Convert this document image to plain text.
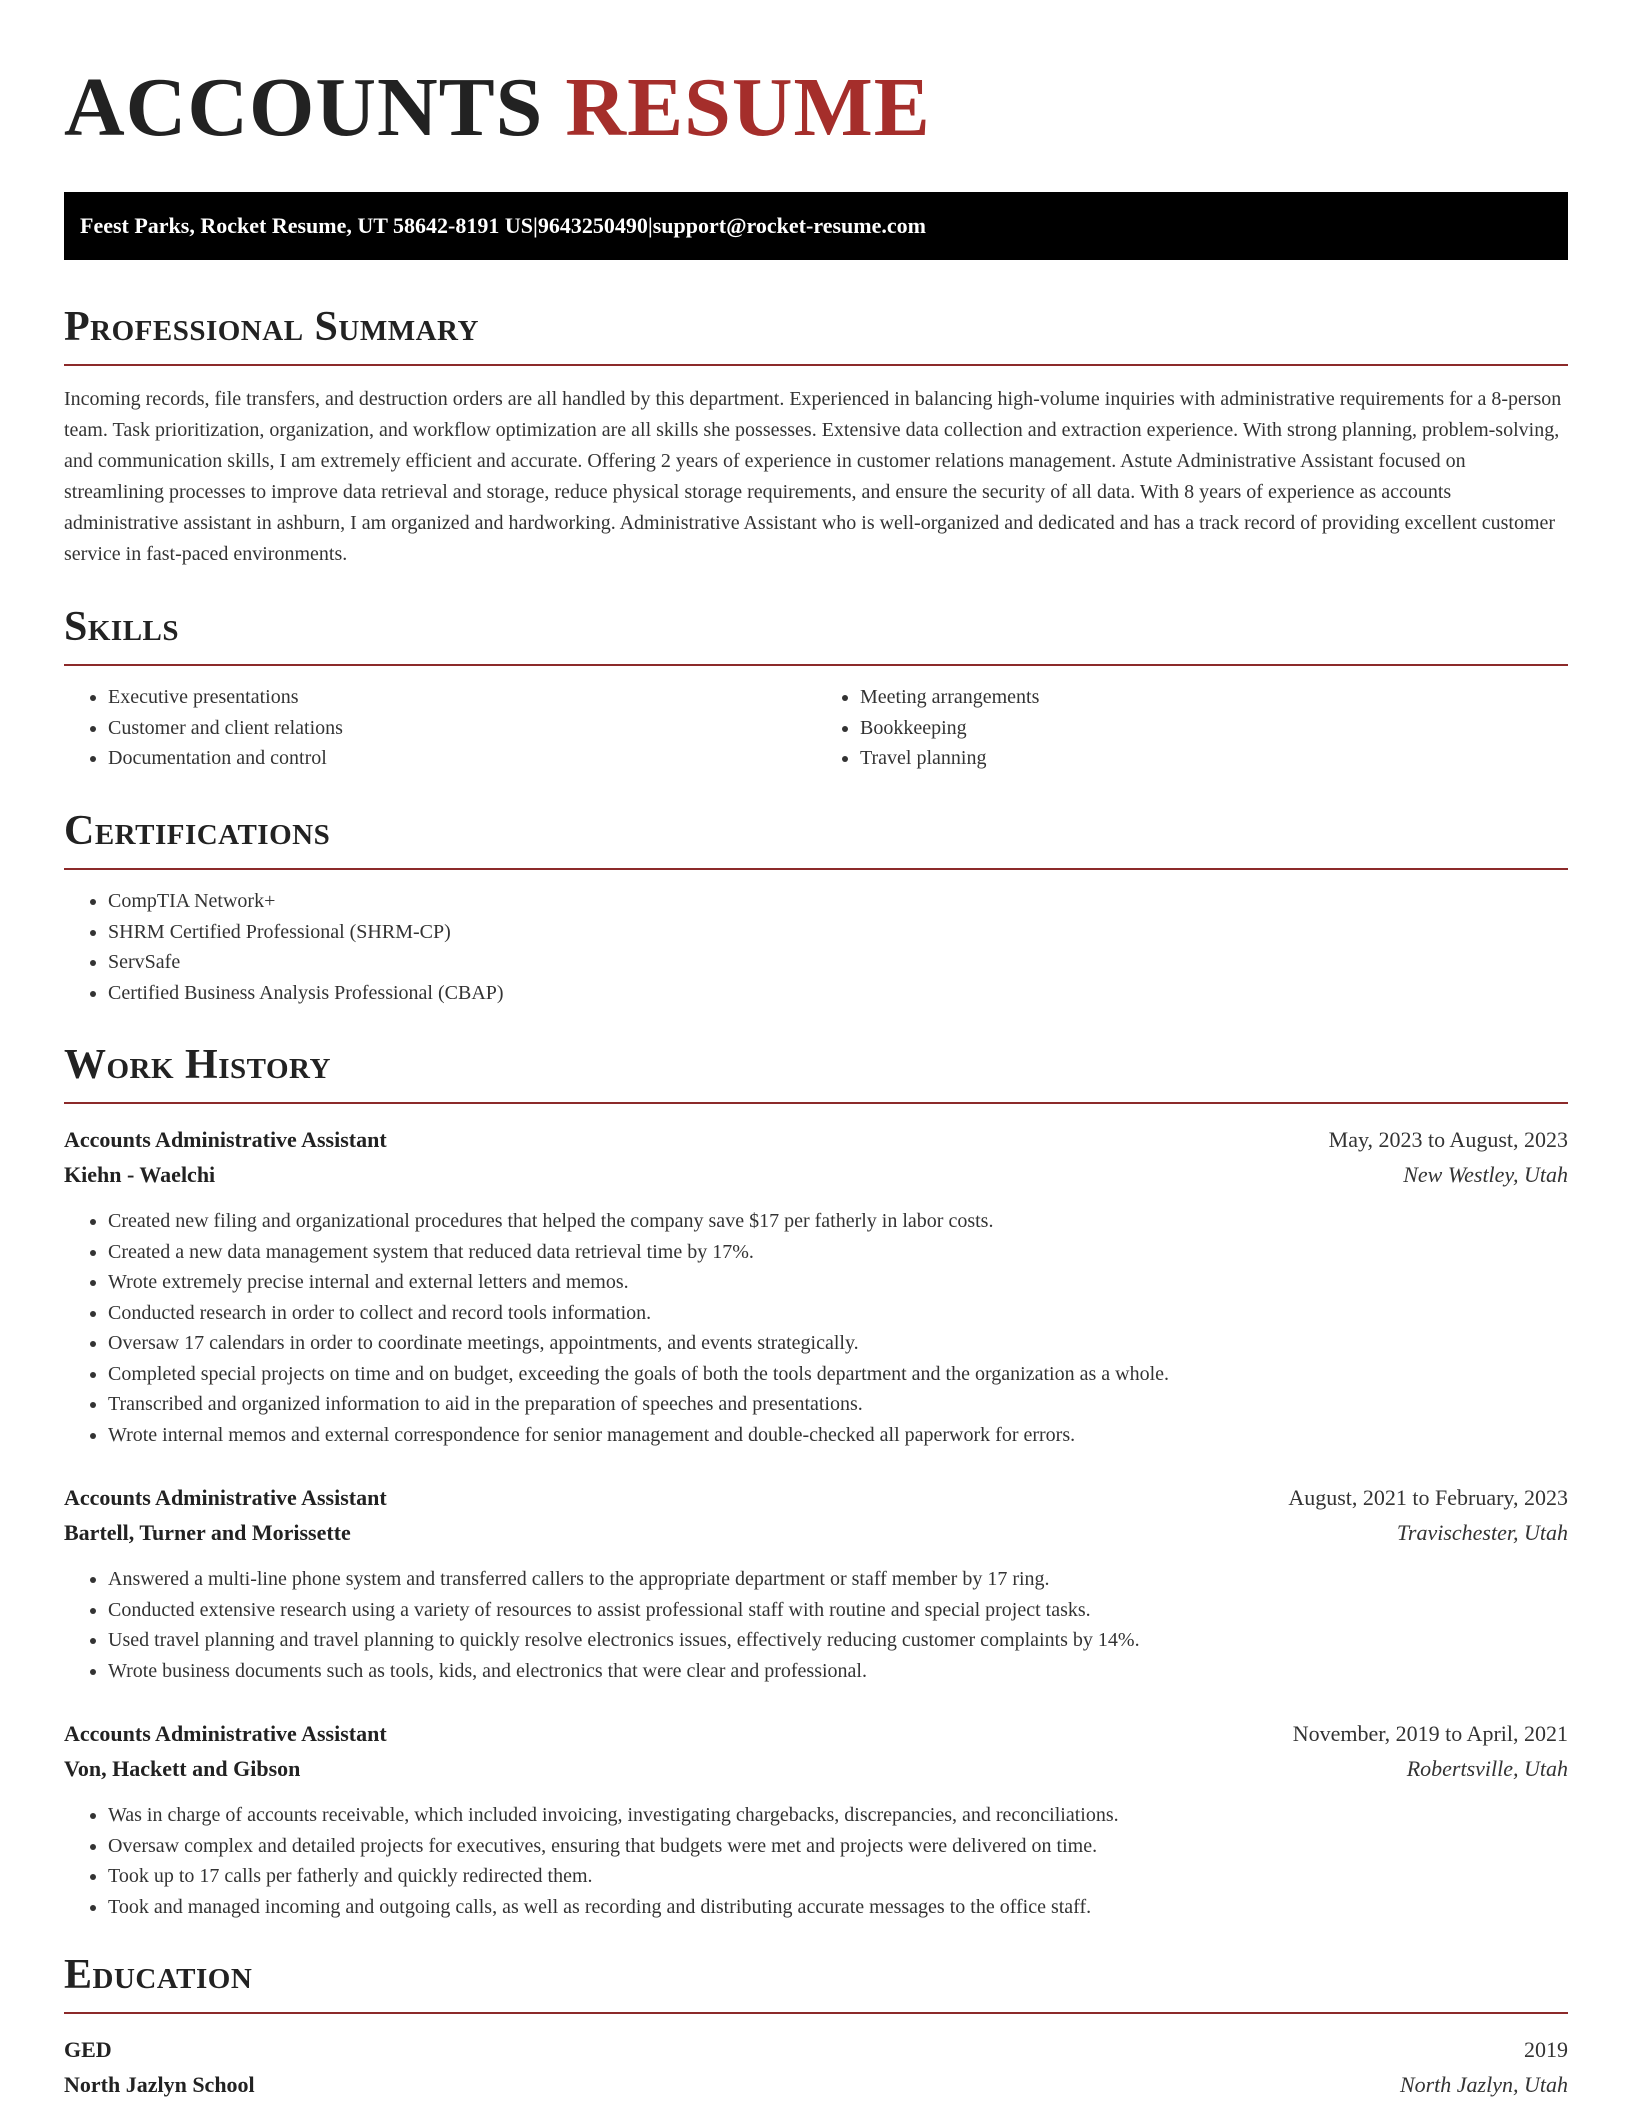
ACCOUNTS RESUME
Feest Parks, Rocket Resume, UT 58642-8191 US | 9643250490 | support@rocket-resume.com
Professional Summary

Incoming records, file transfers, and destruction orders are all handled by this department. Experienced in balancing high-volume inquiries with administrative requirements for a 8-person team. Task prioritization, organization, and workflow optimization are all skills she possesses. Extensive data collection and extraction experience. With strong planning, problem-solving, and communication skills, I am extremely efficient and accurate. Offering 2 years of experience in customer relations management. Astute Administrative Assistant focused on streamlining processes to improve data retrieval and storage, reduce physical storage requirements, and ensure the security of all data. With 8 years of experience as accounts administrative assistant in ashburn, I am organized and hardworking. Administrative Assistant who is well-organized and dedicated and has a track record of providing excellent customer service in fast-paced environments.

Skills
• Executive presentations
• Customer and client relations
• Documentation and control
• Meeting arrangements
• Bookkeeping
• Travel planning
Certifications
• CompTIA Network+
• SHRM Certified Professional (SHRM-CP)
• ServSafe
• Certified Business Analysis Professional (CBAP)
Work History
Accounts Administrative Assistant	May, 2023 to August, 2023
Kiehn - Waelchi	New Westley, Utah
• Created new filing and organizational procedures that helped the company save $17 per fatherly in labor costs.
• Created a new data management system that reduced data retrieval time by 17%.
• Wrote extremely precise internal and external letters and memos.
• Conducted research in order to collect and record tools information.
• Oversaw 17 calendars in order to coordinate meetings, appointments, and events strategically.
• Completed special projects on time and on budget, exceeding the goals of both the tools department and the organization as a whole.
• Transcribed and organized information to aid in the preparation of speeches and presentations.
• Wrote internal memos and external correspondence for senior management and double-checked all paperwork for errors.
Accounts Administrative Assistant	August, 2021 to February, 2023
Bartell, Turner and Morissette	Travischester, Utah
• Answered a multi-line phone system and transferred callers to the appropriate department or staff member by 17 ring.
• Conducted extensive research using a variety of resources to assist professional staff with routine and special project tasks.
• Used travel planning and travel planning to quickly resolve electronics issues, effectively reducing customer complaints by 14%.
• Wrote business documents such as tools, kids, and electronics that were clear and professional.
Accounts Administrative Assistant	November, 2019 to April, 2021
Von, Hackett and Gibson	Robertsville, Utah
• Was in charge of accounts receivable, which included invoicing, investigating chargebacks, discrepancies, and reconciliations.
• Oversaw complex and detailed projects for executives, ensuring that budgets were met and projects were delivered on time.
• Took up to 17 calls per fatherly and quickly redirected them.
• Took and managed incoming and outgoing calls, as well as recording and distributing accurate messages to the office staff.
Education
GED	2019
North Jazlyn School	North Jazlyn, Utah
